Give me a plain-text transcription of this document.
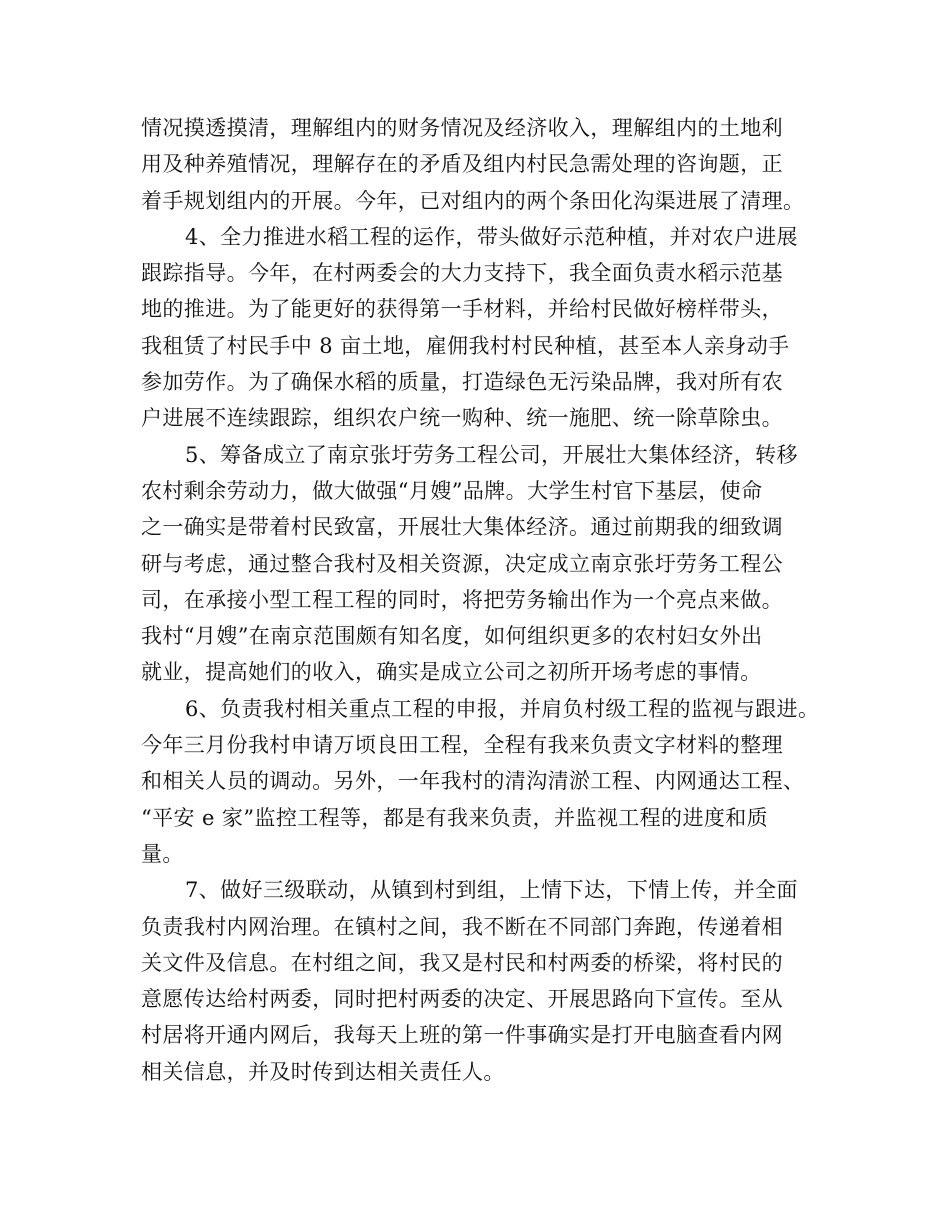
情况摸透摸清，理解组内的财务情况及经济收入，理解组内的土地利
用及种养殖情况，理解存在的矛盾及组内村民急需处理的咨询题，正
着手规划组内的开展。今年，已对组内的两个条田化沟渠进展了清理。
4、全力推进水稻工程的运作，带头做好示范种植，并对农户进展
跟踪指导。今年，在村两委会的大力支持下，我全面负责水稻示范基
地的推进。为了能更好的获得第一手材料，并给村民做好榜样带头，
我租赁了村民手中 8 亩土地，雇佣我村村民种植，甚至本人亲身动手
参加劳作。为了确保水稻的质量，打造绿色无污染品牌，我对所有农
户进展不连续跟踪，组织农户统一购种、统一施肥、统一除草除虫。
5、筹备成立了南京张圩劳务工程公司，开展壮大集体经济，转移
农村剩余劳动力，做大做强“月嫂”品牌。大学生村官下基层，使命
之一确实是带着村民致富，开展壮大集体经济。通过前期我的细致调
研与考虑，通过整合我村及相关资源，决定成立南京张圩劳务工程公
司，在承接小型工程工程的同时，将把劳务输出作为一个亮点来做。
我村“月嫂”在南京范围颇有知名度，如何组织更多的农村妇女外出
就业，提高她们的收入，确实是成立公司之初所开场考虑的事情。
6、负责我村相关重点工程的申报，并肩负村级工程的监视与跟进。
今年三月份我村申请万顷良田工程，全程有我来负责文字材料的整理
和相关人员的调动。另外，一年我村的清沟清淤工程、内网通达工程、
“平安 e 家”监控工程等，都是有我来负责，并监视工程的进度和质
量。
7、做好三级联动，从镇到村到组，上情下达，下情上传，并全面
负责我村内网治理。在镇村之间，我不断在不同部门奔跑，传递着相
关文件及信息。在村组之间，我又是村民和村两委的桥梁，将村民的
意愿传达给村两委，同时把村两委的决定、开展思路向下宣传。至从
村居将开通内网后，我每天上班的第一件事确实是打开电脑查看内网
相关信息，并及时传到达相关责任人。
